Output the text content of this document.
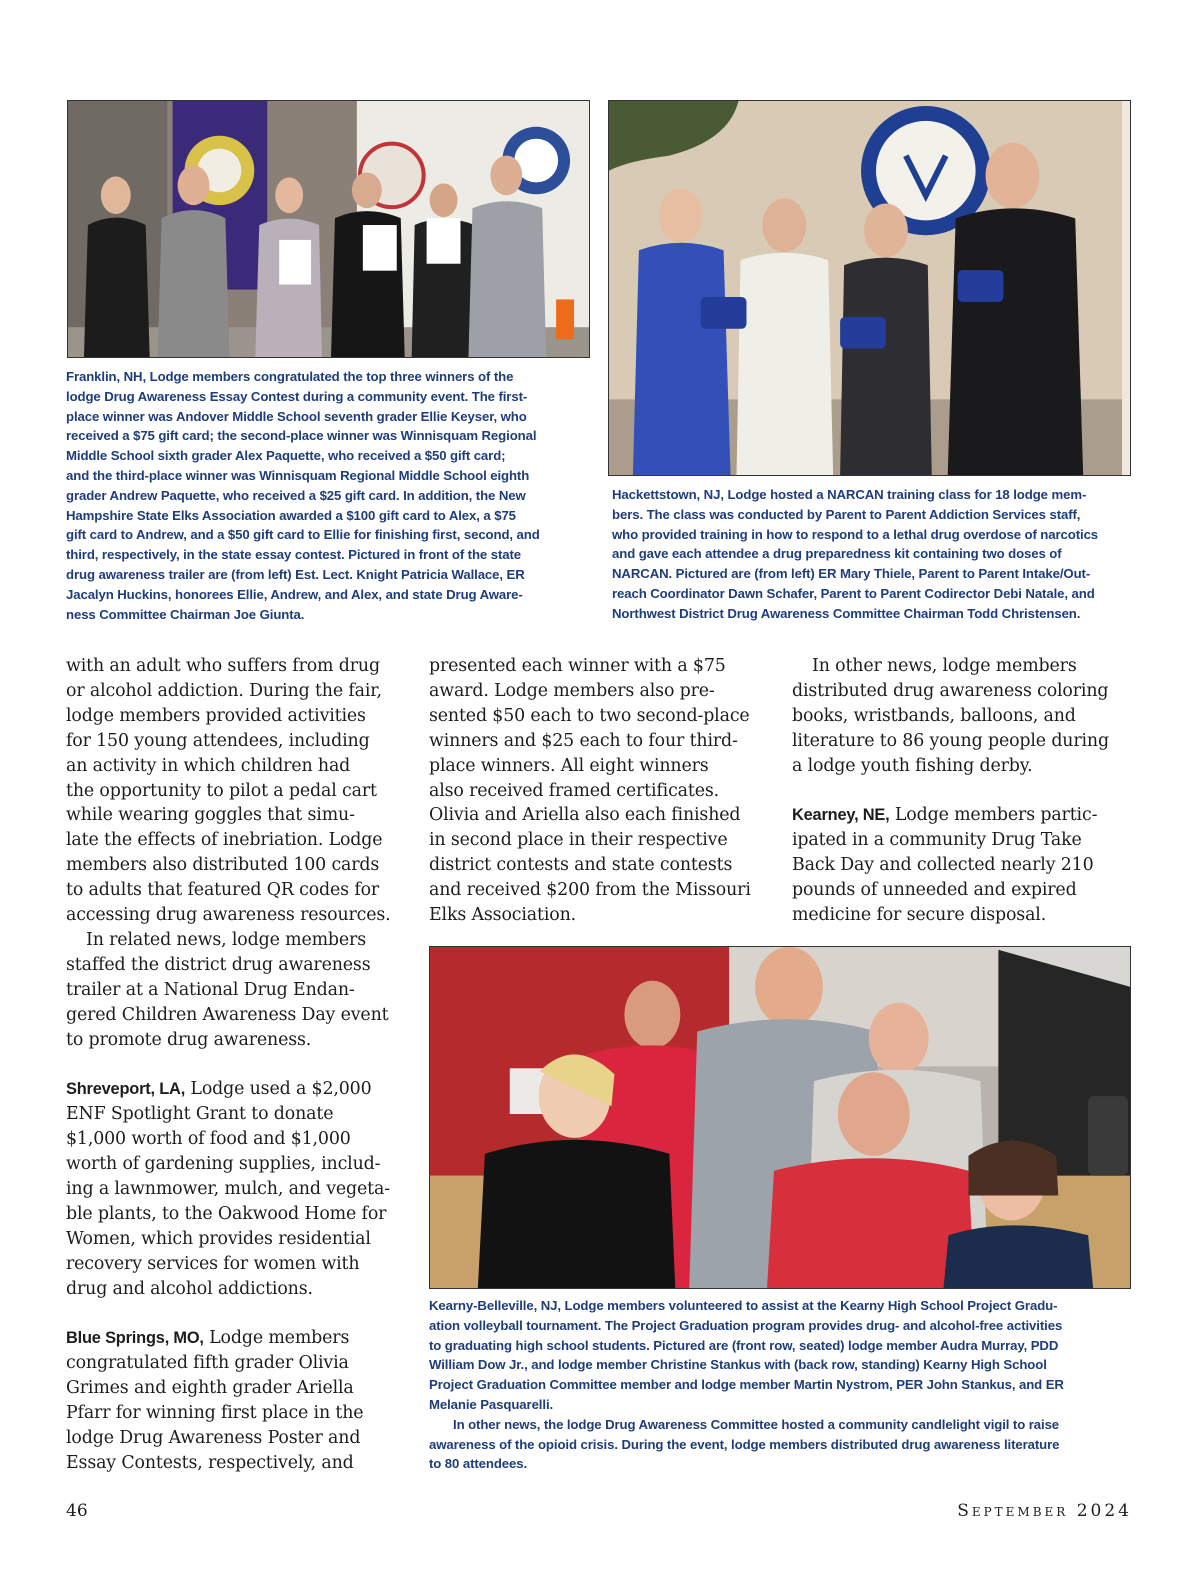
Franklin, NH, Lodge members congratulated the top three winners of the
lodge Drug Awareness Essay Contest during a community event. The first-
place winner was Andover Middle School seventh grader Ellie Keyser, who
received a $75 gift card; the second-place winner was Winnisquam Regional
Middle School sixth grader Alex Paquette, who received a $50 gift card;
and the third-place winner was Winnisquam Regional Middle School eighth
grader Andrew Paquette, who received a $25 gift card. In addition, the New
Hampshire State Elks Association awarded a $100 gift card to Alex, a $75
gift card to Andrew, and a $50 gift card to Ellie for finishing first, second, and
third, respectively, in the state essay contest. Pictured in front of the state
drug awareness trailer are (from left) Est. Lect. Knight Patricia Wallace, ER
Jacalyn Huckins, honorees Ellie, Andrew, and Alex, and state Drug Aware-
ness Committee Chairman Joe Giunta.

Hackettstown, NJ, Lodge hosted a NARCAN training class for 18 lodge mem-
bers. The class was conducted by Parent to Parent Addiction Services staff,
who provided training in how to respond to a lethal drug overdose of narcotics
and gave each attendee a drug preparedness kit containing two doses of
NARCAN. Pictured are (from left) ER Mary Thiele, Parent to Parent Intake/Out-
reach Coordinator Dawn Schafer, Parent to Parent Codirector Debi Natale, and
Northwest District Drug Awareness Committee Chairman Todd Christensen.

with an adult who suffers from drug
or alcohol addiction. During the fair,
lodge members provided activities
for 150 young attendees, including
an activity in which children had
the opportunity to pilot a pedal cart
while wearing goggles that simu-
late the effects of inebriation. Lodge
members also distributed 100 cards
to adults that featured QR codes for
accessing drug awareness resources.

In related news, lodge members
staffed the district drug awareness
trailer at a National Drug Endan-
gered Children Awareness Day event
to promote drug awareness.

Shreveport, LA, Lodge used a $2,000
ENF Spotlight Grant to donate
$1,000 worth of food and $1,000
worth of gardening supplies, includ-
ing a lawnmower, mulch, and vegeta-
ble plants, to the Oakwood Home for
Women, which provides residential
recovery services for women with
drug and alcohol addictions.

Blue Springs, MO, Lodge members
congratulated fifth grader Olivia
Grimes and eighth grader Ariella
Pfarr for winning first place in the
lodge Drug Awareness Poster and
Essay Contests, respectively, and

presented each winner with a $75
award. Lodge members also pre-
sented $50 each to two second-place
winners and $25 each to four third-
place winners. All eight winners
also received framed certificates.
Olivia and Ariella also each finished
in second place in their respective
district contests and state contests
and received $200 from the Missouri
Elks Association.

In other news, lodge members
distributed drug awareness coloring
books, wristbands, balloons, and
literature to 86 young people during
a lodge youth fishing derby.

Kearney, NE, Lodge members partic-
ipated in a community Drug Take
Back Day and collected nearly 210
pounds of unneeded and expired
medicine for secure disposal.

Kearny-Belleville, NJ, Lodge members volunteered to assist at the Kearny High School Project Gradu-
ation volleyball tournament. The Project Graduation program provides drug- and alcohol-free activities
to graduating high school students. Pictured are (front row, seated) lodge member Audra Murray, PDD
William Dow Jr., and lodge member Christine Stankus with (back row, standing) Kearny High School
Project Graduation Committee member and lodge member Martin Nystrom, PER John Stankus, and ER
Melanie Pasquarelli.

In other news, the lodge Drug Awareness Committee hosted a community candlelight vigil to raise
awareness of the opioid crisis. During the event, lodge members distributed drug awareness literature
to 80 attendees.

46	September 2024
